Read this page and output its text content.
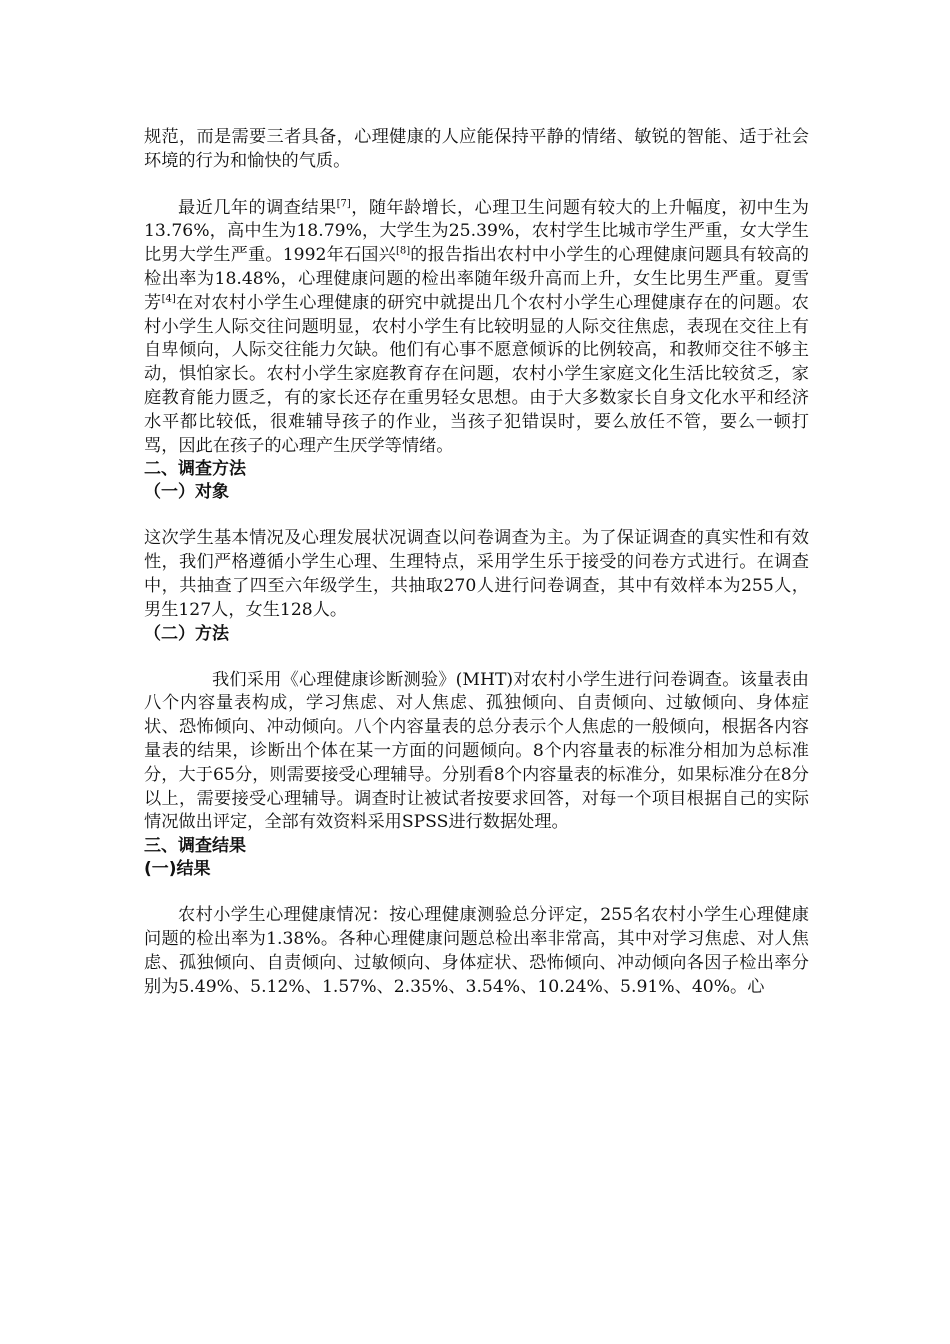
规范，而是需要三者具备，心理健康的人应能保持平静的情绪、敏锐的智能、适于社会环境的行为和愉快的气质。

最近几年的调查结果[7]，随年龄增长，心理卫生问题有较大的上升幅度，初中生为13.76%，高中生为18.79%，大学生为25.39%，农村学生比城市学生严重，女大学生比男大学生严重。1992年石国兴[8]的报告指出农村中小学生的心理健康问题具有较高的检出率为18.48%，心理健康问题的检出率随年级升高而上升，女生比男生严重。夏雪芳[4]在对农村小学生心理健康的研究中就提出几个农村小学生心理健康存在的问题。农村小学生人际交往问题明显，农村小学生有比较明显的人际交往焦虑，表现在交往上有自卑倾向，人际交往能力欠缺。他们有心事不愿意倾诉的比例较高，和教师交往不够主动，惧怕家长。农村小学生家庭教育存在问题，农村小学生家庭文化生活比较贫乏，家庭教育能力匮乏，有的家长还存在重男轻女思想。由于大多数家长自身文化水平和经济水平都比较低，很难辅导孩子的作业，当孩子犯错误时，要么放任不管，要么一顿打骂，因此在孩子的心理产生厌学等情绪。

二、调查方法
（一）对象

这次学生基本情况及心理发展状况调查以问卷调查为主。为了保证调查的真实性和有效性，我们严格遵循小学生心理、生理特点，采用学生乐于接受的问卷方式进行。在调查中，共抽查了四至六年级学生，共抽取270人进行问卷调查，其中有效样本为255人，男生127人，女生128人。

（二）方法

我们采用《心理健康诊断测验》(MHT)对农村小学生进行问卷调查。该量表由八个内容量表构成，学习焦虑、对人焦虑、孤独倾向、自责倾向、过敏倾向、身体症状、恐怖倾向、冲动倾向。八个内容量表的总分表示个人焦虑的一般倾向，根据各内容量表的结果，诊断出个体在某一方面的问题倾向。8个内容量表的标准分相加为总标准分，大于65分，则需要接受心理辅导。分别看8个内容量表的标准分，如果标准分在8分以上，需要接受心理辅导。调查时让被试者按要求回答，对每一个项目根据自己的实际情况做出评定，全部有效资料采用SPSS进行数据处理。

三、调查结果
(一)结果

农村小学生心理健康情况：按心理健康测验总分评定，255名农村小学生心理健康问题的检出率为1.38%。各种心理健康问题总检出率非常高，其中对学习焦虑、对人焦虑、孤独倾向、自责倾向、过敏倾向、身体症状、恐怖倾向、冲动倾向各因子检出率分别为5.49%、5.12%、1.57%、2.35%、3.54%、10.24%、5.91%、40%。心
